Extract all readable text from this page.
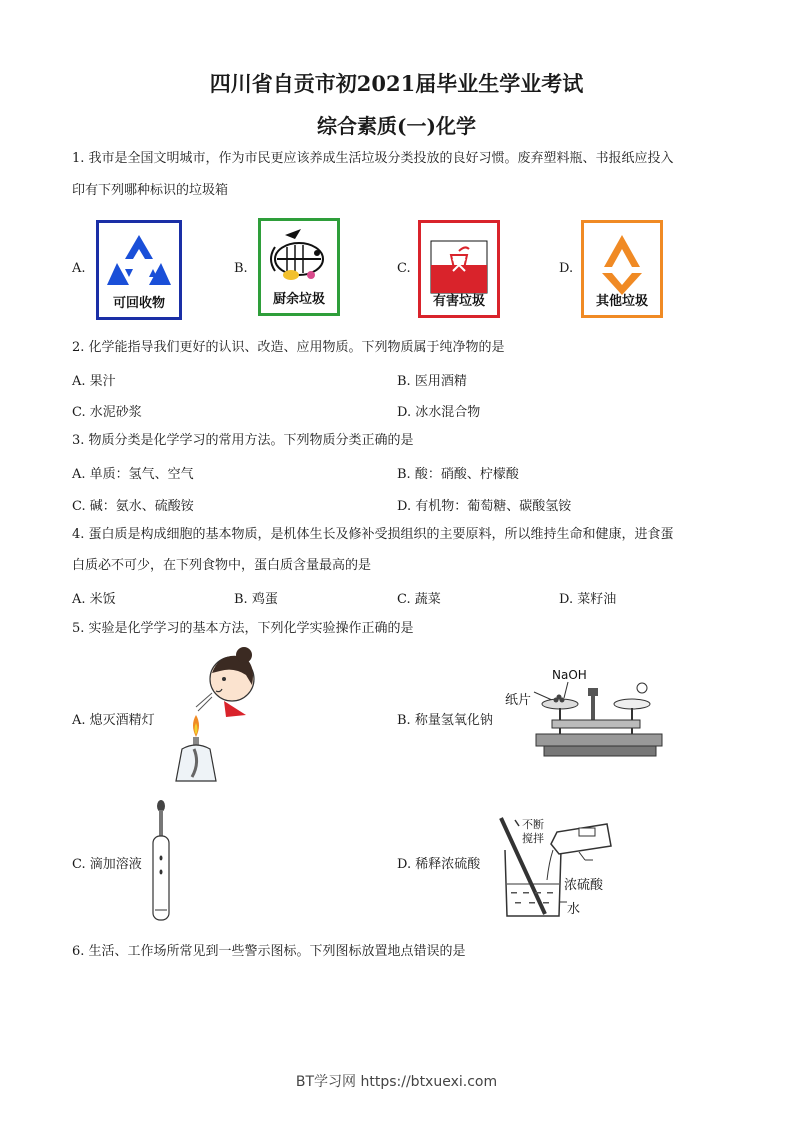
四川省自贡市初2021届毕业生学业考试
综合素质(一)化学
1. 我市是全国文明城市，作为市民更应该养成生活垃圾分类投放的良好习惯。废弃塑料瓶、书报纸应投入
印有下列哪种标识的垃圾箱
A.
可回收物
B.
厨余垃圾
C.
有害垃圾
D.
其他垃圾
2. 化学能指导我们更好的认识、改造、应用物质。下列物质属于纯净物的是
A. 果汁	B. 医用酒精
C. 水泥砂浆	D. 冰水混合物
3. 物质分类是化学学习的常用方法。下列物质分类正确的是
A. 单质：氢气、空气	B. 酸：硝酸、柠檬酸
C. 碱：氨水、硫酸铵	D. 有机物：葡萄糖、碳酸氢铵
4. 蛋白质是构成细胞的基本物质，是机体生长及修补受损组织的主要原料，所以维持生命和健康，进食蛋
白质必不可少，在下列食物中，蛋白质含量最高的是
A. 米饭	B. 鸡蛋	C. 蔬菜	D. 菜籽油
5. 实验是化学学习的基本方法，下列化学实验操作正确的是
A. 熄灭酒精灯	B. 称量氢氧化钠
NaOH
纸片
C. 滴加溶液	D. 稀释浓硫酸
不断
搅拌
浓硫酸
水
6. 生活、工作场所常见到一些警示图标。下列图标放置地点错误的是
BT学习网 https://btxuexi.com
